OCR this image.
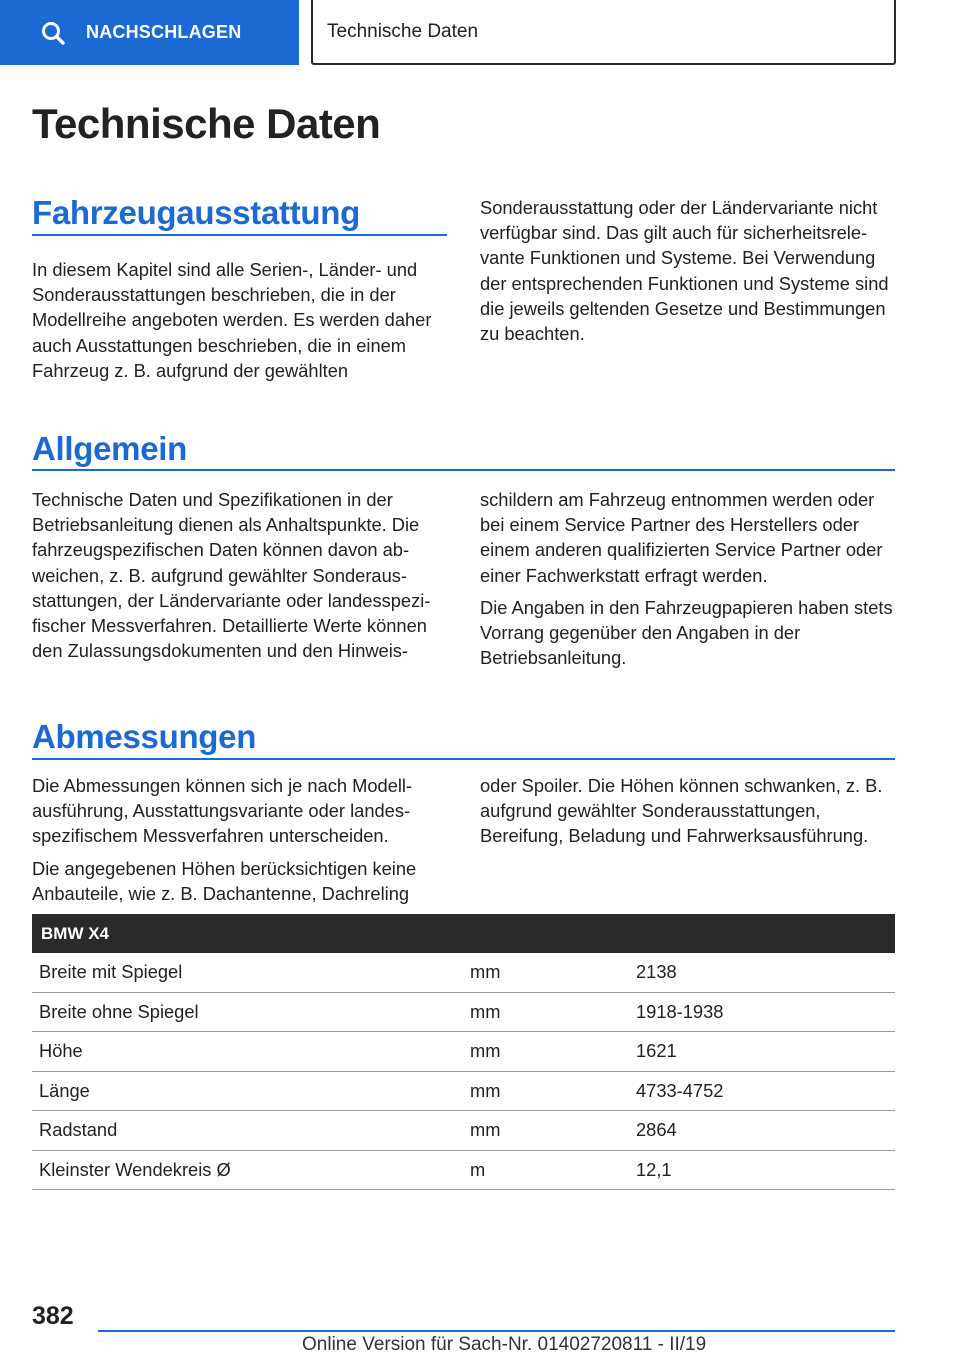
NACHSCHLAGEN	Technische Daten
Technische Daten
Fahrzeugausstattung

In diesem Kapitel sind alle Serien-, Länder- und Sonderausstattungen beschrieben, die in der Modellreihe angeboten werden. Es werden daher auch Ausstattungen beschrieben, die in einem Fahrzeug z. B. aufgrund der gewählten

Sonderausstattung oder der Ländervariante nicht verfügbar sind. Das gilt auch für sicherheitsrelevante Funktionen und Systeme. Bei Verwendung der entsprechenden Funktionen und Systeme sind die jeweils geltenden Gesetze und Bestimmungen zu beachten.

Allgemein

Technische Daten und Spezifikationen in der Betriebsanleitung dienen als Anhaltspunkte. Die fahrzeugspezifischen Daten können davon abweichen, z. B. aufgrund gewählter Sonderausstattungen, der Ländervariante oder landesspezifischer Messverfahren. Detaillierte Werte können den Zulassungsdokumenten und den Hinweis-

schildern am Fahrzeug entnommen werden oder bei einem Service Partner des Herstellers oder einem anderen qualifizierten Service Partner oder einer Fachwerkstatt erfragt werden.

Die Angaben in den Fahrzeugpapieren haben stets Vorrang gegenüber den Angaben in der Betriebsanleitung.

Abmessungen

Die Abmessungen können sich je nach Modellausführung, Ausstattungsvariante oder landesspezifischem Messverfahren unterscheiden.

Die angegebenen Höhen berücksichtigen keine Anbauteile, wie z. B. Dachantenne, Dachreling

oder Spoiler. Die Höhen können schwanken, z. B. aufgrund gewählter Sonderausstattungen, Bereifung, Beladung und Fahrwerksausführung.

BMW X4
Breite mit Spiegel	mm	2138
Breite ohne Spiegel	mm	1918-1938
Höhe	mm	1621
Länge	mm	4733-4752
Radstand	mm	2864
Kleinster Wendekreis Ø	m	12,1
382
Online Version für Sach-Nr. 01402720811 - II/19
